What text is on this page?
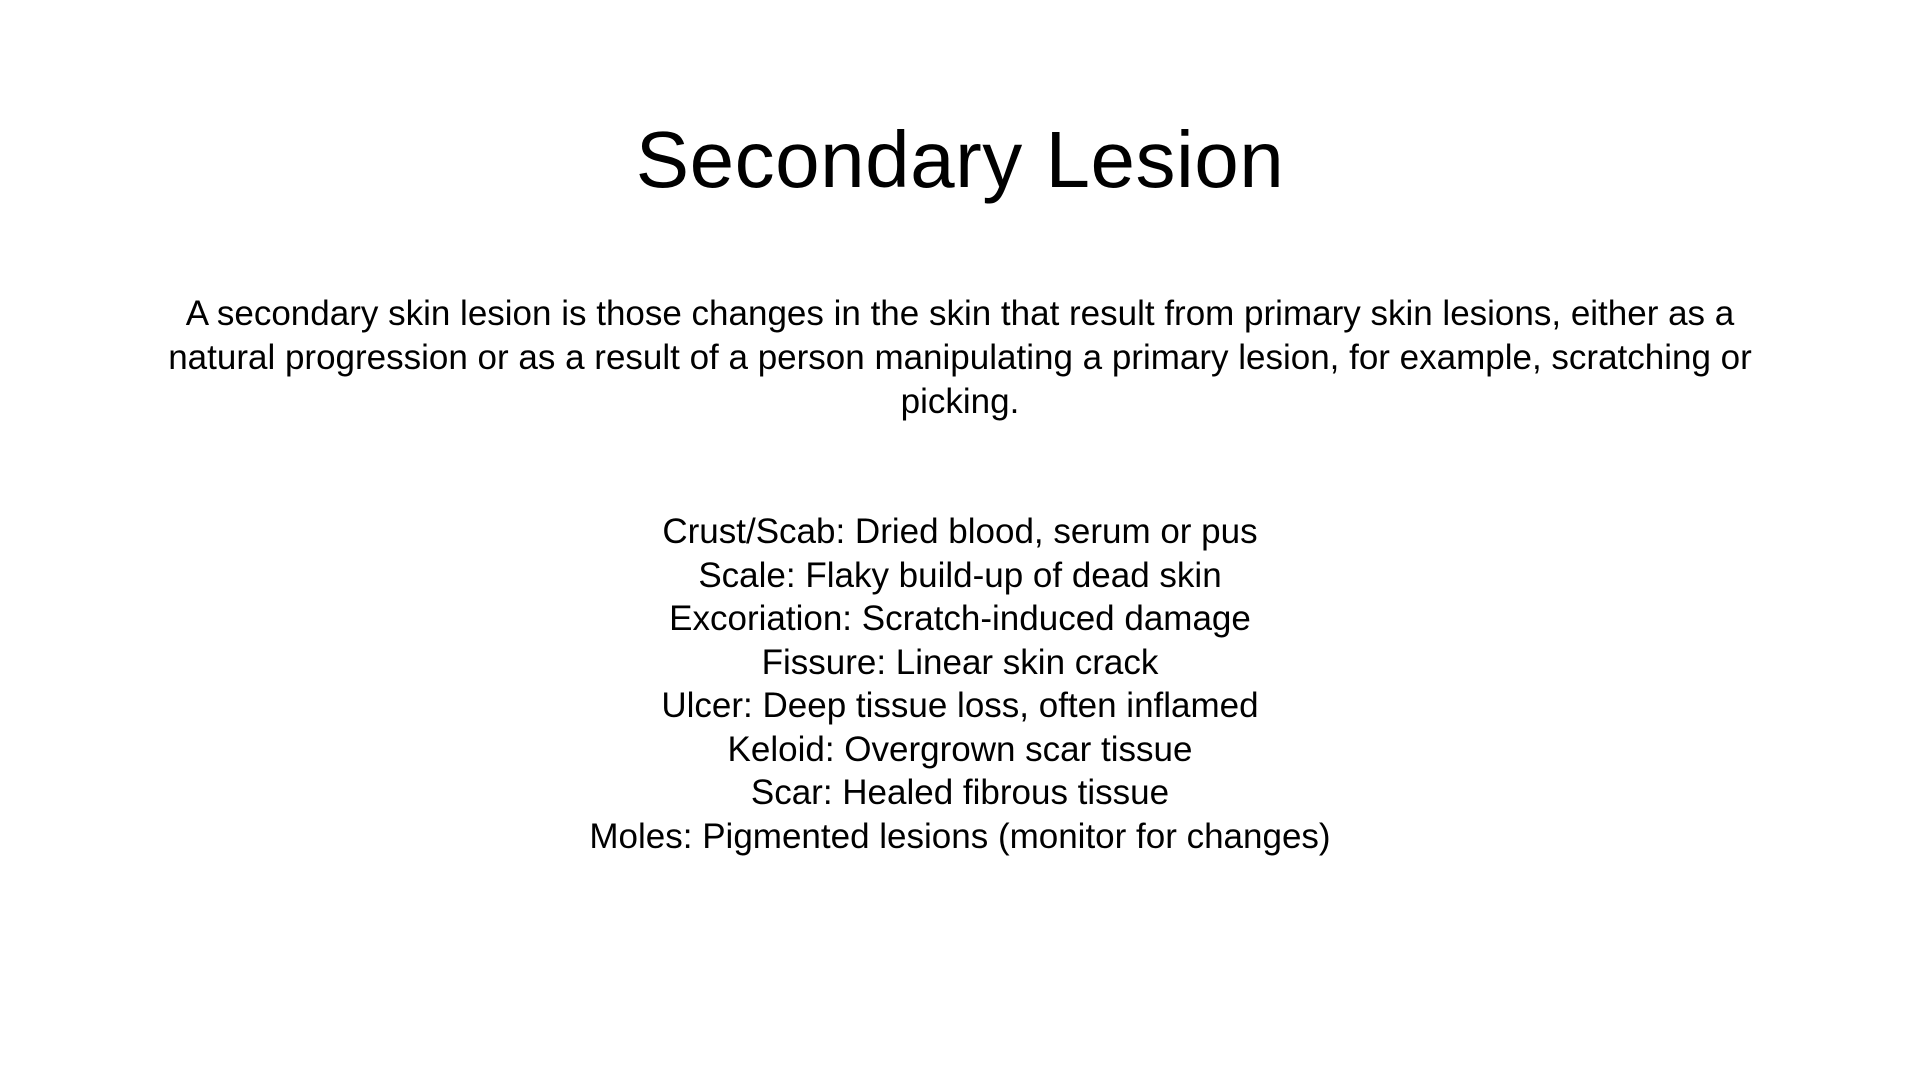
Secondary Lesion

A secondary skin lesion is those changes in the skin that result from primary skin lesions, either as a natural progression or as a result of a person manipulating a primary lesion, for example, scratching or picking.

Crust/Scab: Dried blood, serum or pus
Scale: Flaky build-up of dead skin
Excoriation: Scratch-induced damage
Fissure: Linear skin crack
Ulcer: Deep tissue loss, often inflamed
Keloid: Overgrown scar tissue
Scar: Healed fibrous tissue
Moles: Pigmented lesions (monitor for changes)
